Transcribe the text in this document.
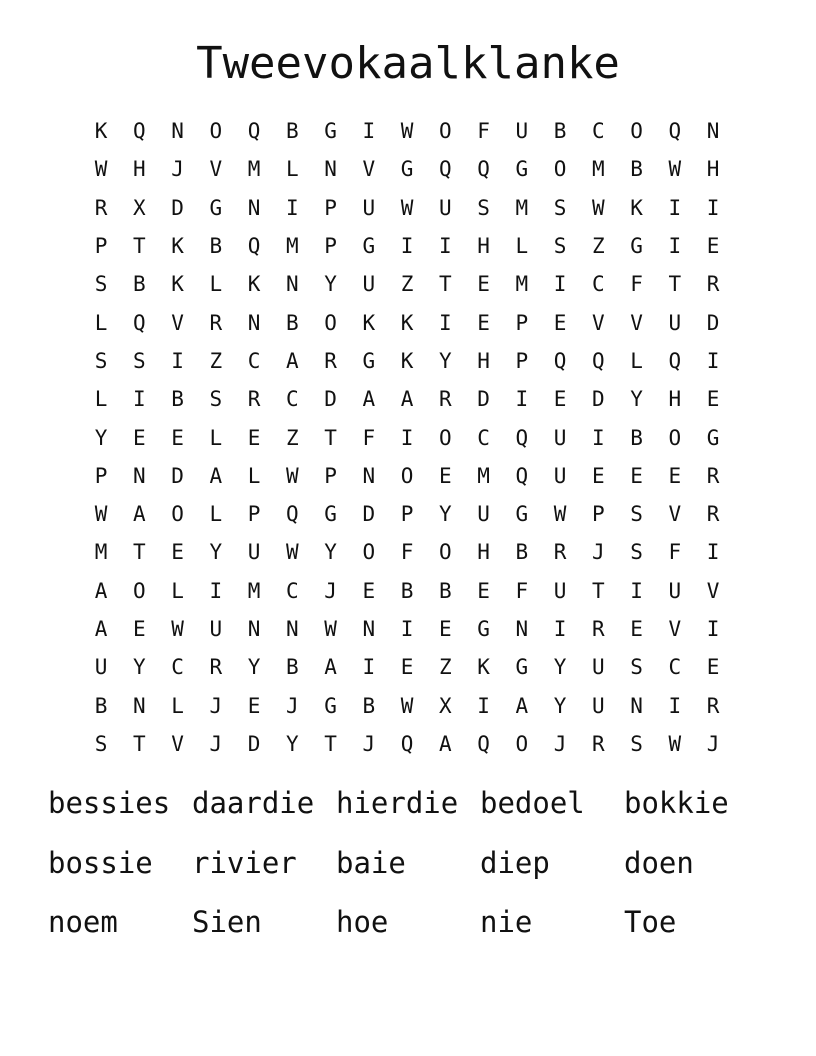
Tweevokaalklanke
K	Q	N	O	Q	B	G	I	W	O	F	U	B	C	O	Q	N
W	H	J	V	M	L	N	V	G	Q	Q	G	O	M	B	W	H
R	X	D	G	N	I	P	U	W	U	S	M	S	W	K	I	I
P	T	K	B	Q	M	P	G	I	I	H	L	S	Z	G	I	E
S	B	K	L	K	N	Y	U	Z	T	E	M	I	C	F	T	R
L	Q	V	R	N	B	O	K	K	I	E	P	E	V	V	U	D
S	S	I	Z	C	A	R	G	K	Y	H	P	Q	Q	L	Q	I
L	I	B	S	R	C	D	A	A	R	D	I	E	D	Y	H	E
Y	E	E	L	E	Z	T	F	I	O	C	Q	U	I	B	O	G
P	N	D	A	L	W	P	N	O	E	M	Q	U	E	E	E	R
W	A	O	L	P	Q	G	D	P	Y	U	G	W	P	S	V	R
M	T	E	Y	U	W	Y	O	F	O	H	B	R	J	S	F	I
A	O	L	I	M	C	J	E	B	B	E	F	U	T	I	U	V
A	E	W	U	N	N	W	N	I	E	G	N	I	R	E	V	I
U	Y	C	R	Y	B	A	I	E	Z	K	G	Y	U	S	C	E
B	N	L	J	E	J	G	B	W	X	I	A	Y	U	N	I	R
S	T	V	J	D	Y	T	J	Q	A	Q	O	J	R	S	W	J
bessies daardie hierdie bedoel	bokkie
bossie	rivier	baie	diep	doen
noem	Sien	hoe	nie	Toe
